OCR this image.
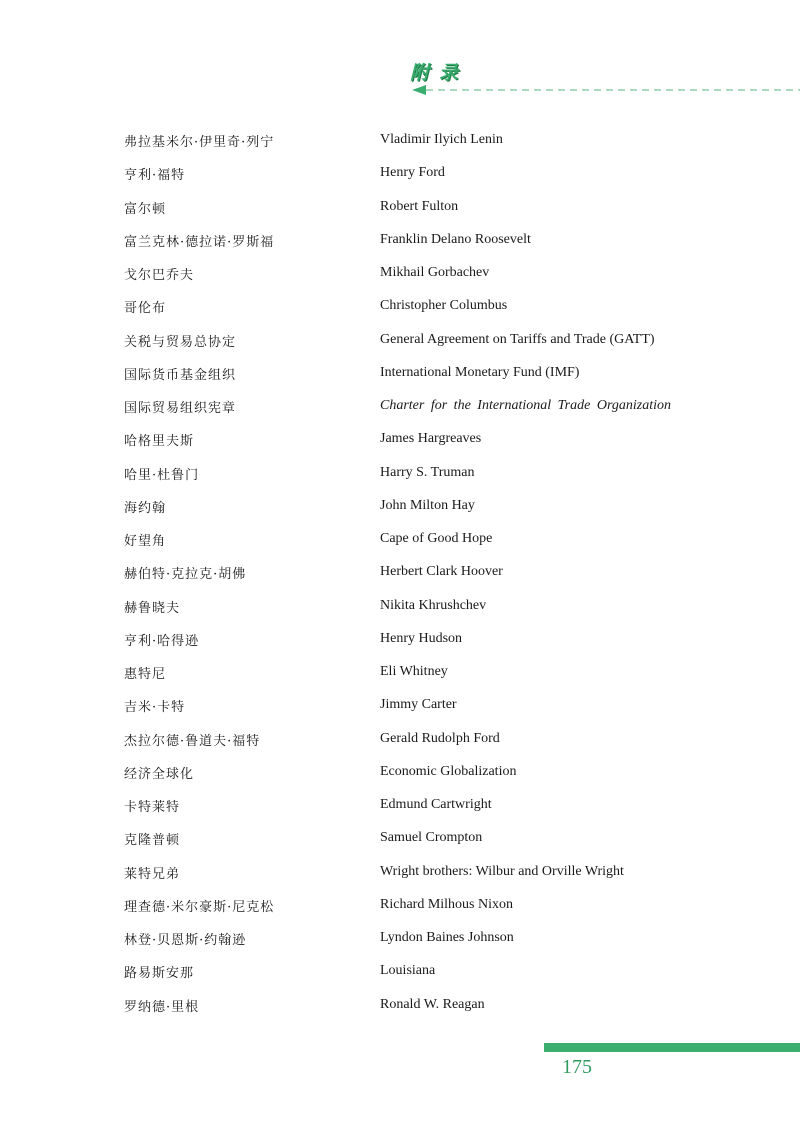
附录
弗拉基米尔·伊里奇·列宁	Vladimir Ilyich Lenin
亨利·福特	Henry Ford
富尔顿	Robert Fulton
富兰克林·德拉诺·罗斯福	Franklin Delano Roosevelt
戈尔巴乔夫	Mikhail Gorbachev
哥伦布	Christopher Columbus
关税与贸易总协定	General Agreement on Tariffs and Trade (GATT)
国际货币基金组织	International Monetary Fund (IMF)
国际贸易组织宪章	Charter for the International Trade Organization
哈格里夫斯	James Hargreaves
哈里·杜鲁门	Harry S. Truman
海约翰	John Milton Hay
好望角	Cape of Good Hope
赫伯特·克拉克·胡佛	Herbert Clark Hoover
赫鲁晓夫	Nikita Khrushchev
亨利·哈得逊	Henry Hudson
惠特尼	Eli Whitney
吉米·卡特	Jimmy Carter
杰拉尔德·鲁道夫·福特	Gerald Rudolph Ford
经济全球化	Economic Globalization
卡特莱特	Edmund Cartwright
克隆普顿	Samuel Crompton
莱特兄弟	Wright brothers: Wilbur and Orville Wright
理查德·米尔豪斯·尼克松	Richard Milhous Nixon
林登·贝恩斯·约翰逊	Lyndon Baines Johnson
路易斯安那	Louisiana
罗纳德·里根	Ronald W. Reagan
175
